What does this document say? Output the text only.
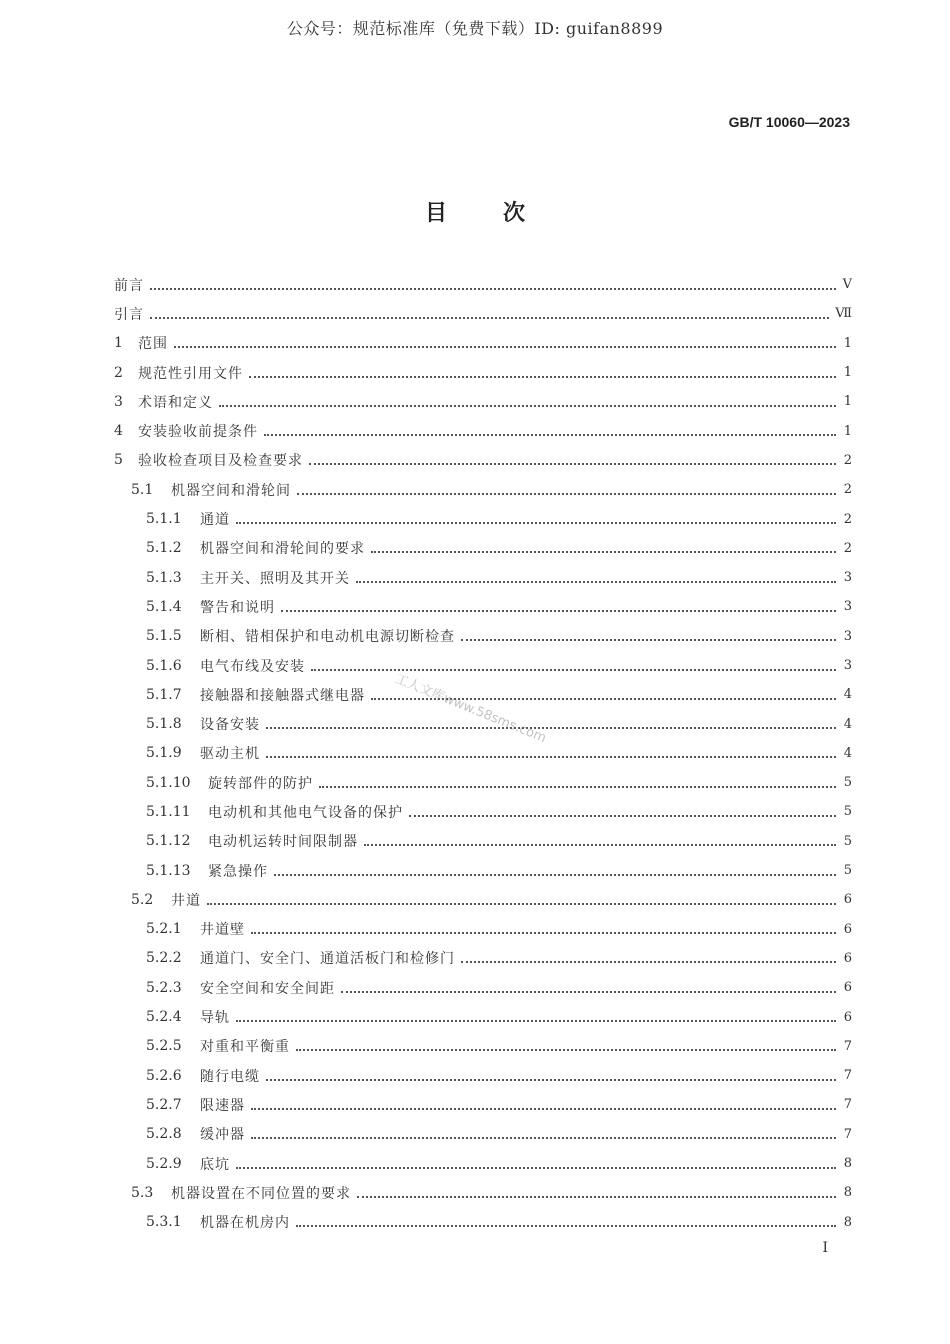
公众号：规范标准库（免费下载）ID: guifan8899
GB/T 10060—2023
目次
前言	V
引言	Ⅶ
1	范围	1
2	规范性引用文件	1
3	术语和定义	1
4	安装验收前提条件	1
5	验收检查项目及检查要求	2
5.1	机器空间和滑轮间	2
5.1.1	通道	2
5.1.2	机器空间和滑轮间的要求	2
5.1.3	主开关、照明及其开关	3
5.1.4	警告和说明	3
5.1.5	断相、错相保护和电动机电源切断检查	3
5.1.6	电气布线及安装	3
5.1.7	接触器和接触器式继电器	4
5.1.8	设备安装	4
5.1.9	驱动主机	4
5.1.10	旋转部件的防护	5
5.1.11	电动机和其他电气设备的保护	5
5.1.12	电动机运转时间限制器	5
5.1.13	紧急操作	5
5.2	井道	6
5.2.1	井道壁	6
5.2.2	通道门、安全门、通道活板门和检修门	6
5.2.3	安全空间和安全间距	6
5.2.4	导轨	6
5.2.5	对重和平衡重	7
5.2.6	随行电缆	7
5.2.7	限速器	7
5.2.8	缓冲器	7
5.2.9	底坑	8
5.3	机器设置在不同位置的要求	8
5.3.1	机器在机房内	8
工人文库www.58sms.com
I
